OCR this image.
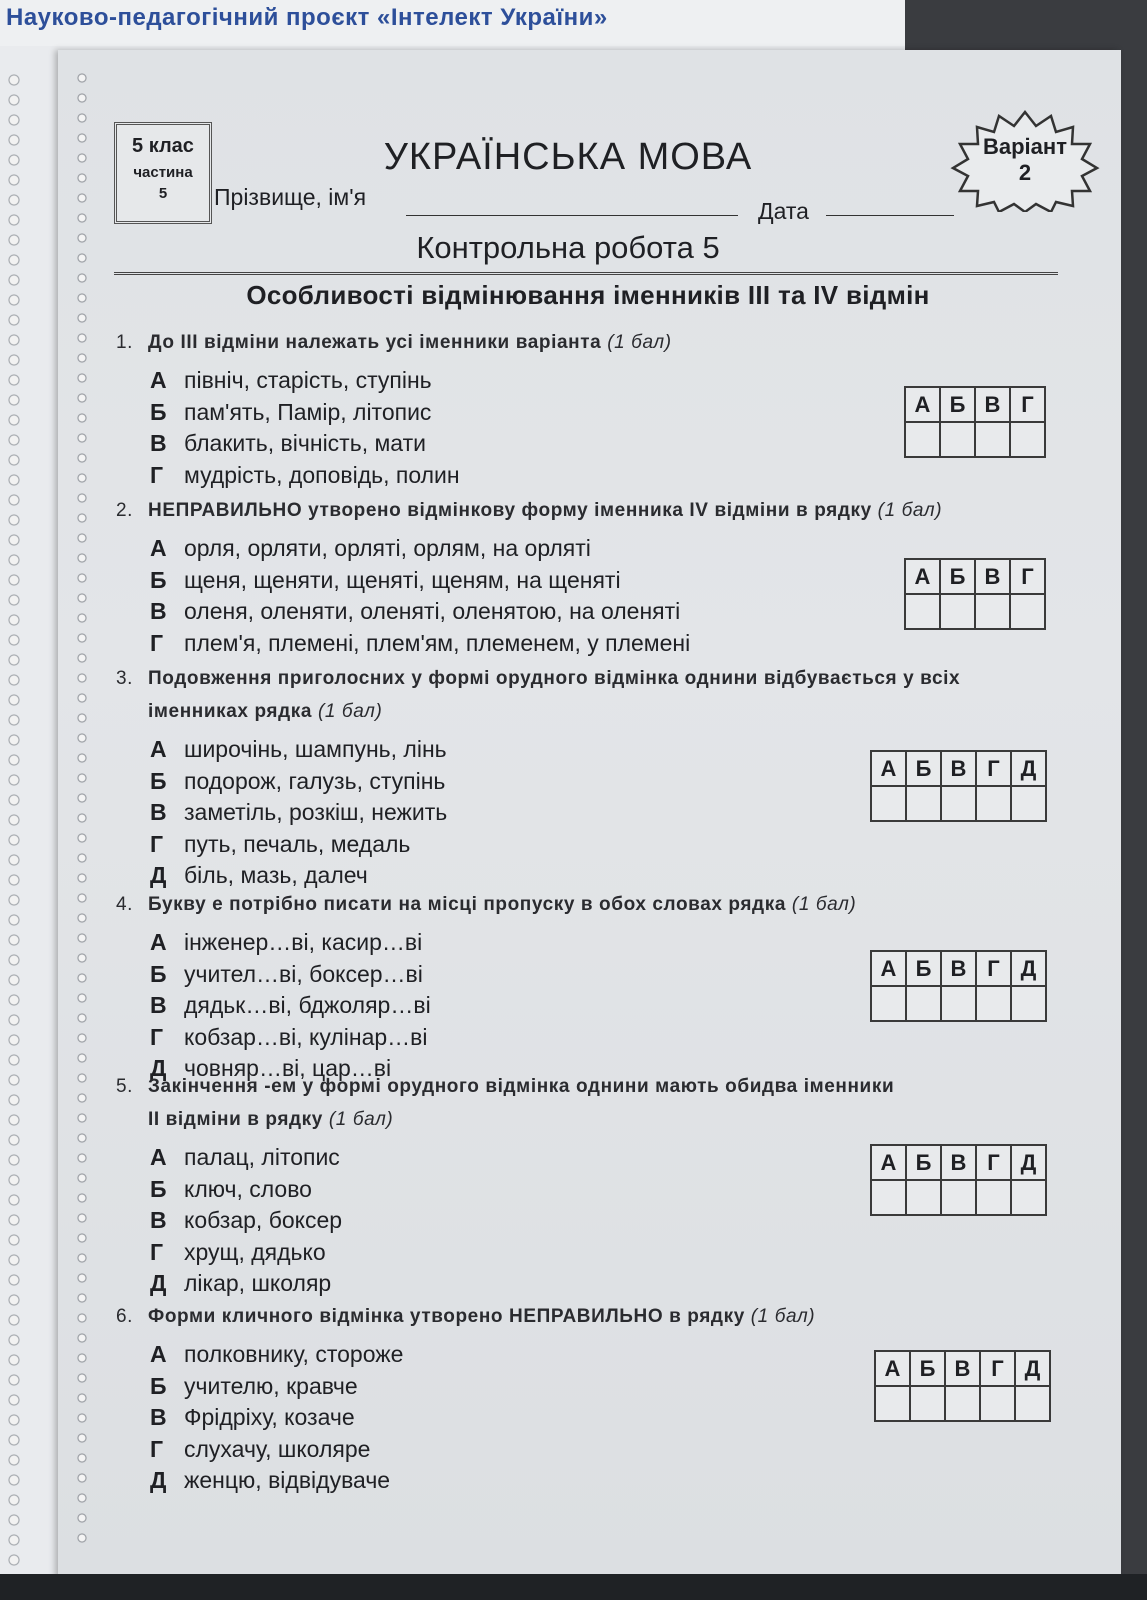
Науково-педагогічний проєкт «Інтелект України»
5 клас
частина
5
УКРАЇНСЬКА МОВА
Прізвище, ім'я
Дата
Варіант
2
Контрольна робота 5
Особливості відмінювання іменників III та IV відмін

1. До III відміни належать усі іменники варіанта (1 бал)

А північ, старість, ступінь
Б пам'ять, Памір, літопис
В блакить, вічність, мати
Г мудрість, доповідь, полин
А	Б	В	Г

2. НЕПРАВИЛЬНО утворено відмінкову форму іменника IV відміни в рядку (1 бал)

А орля, орляти, орляті, орлям, на орляті
Б щеня, щеняти, щеняті, щеням, на щеняті
В оленя, оленяти, оленяті, оленятою, на оленяті
Г плем'я, племені, плем'ям, племенем, у племені
А	Б	В	Г

3. Подовження приголосних у формі орудного відмінка однини відбувається у всіх
іменниках рядка (1 бал)

А широчінь, шампунь, лінь
Б подорож, галузь, ступінь
В заметіль, розкіш, нежить
Г путь, печаль, медаль
Д біль, мазь, далеч
А	Б	В	Г	Д

4. Букву е потрібно писати на місці пропуску в обох словах рядка (1 бал)

А інженер…ві, касир…ві
Б учител…ві, боксер…ві
В дядьк…ві, бджоляр…ві
Г кобзар…ві, кулінар…ві
Д човняр…ві, цар…ві
А	Б	В	Г	Д

5. Закінчення -ем у формі орудного відмінка однини мають обидва іменники
II відміни в рядку (1 бал)

А палац, літопис
Б ключ, слово
В кобзар, боксер
Г хрущ, дядько
Д лікар, школяр
А	Б	В	Г	Д

6. Форми кличного відмінка утворено НЕПРАВИЛЬНО в рядку (1 бал)

А полковнику, стороже
Б учителю, кравче
В Фрідріху, козаче
Г слухачу, школяре
Д женцю, відвідуваче
А	Б	В	Г	Д
